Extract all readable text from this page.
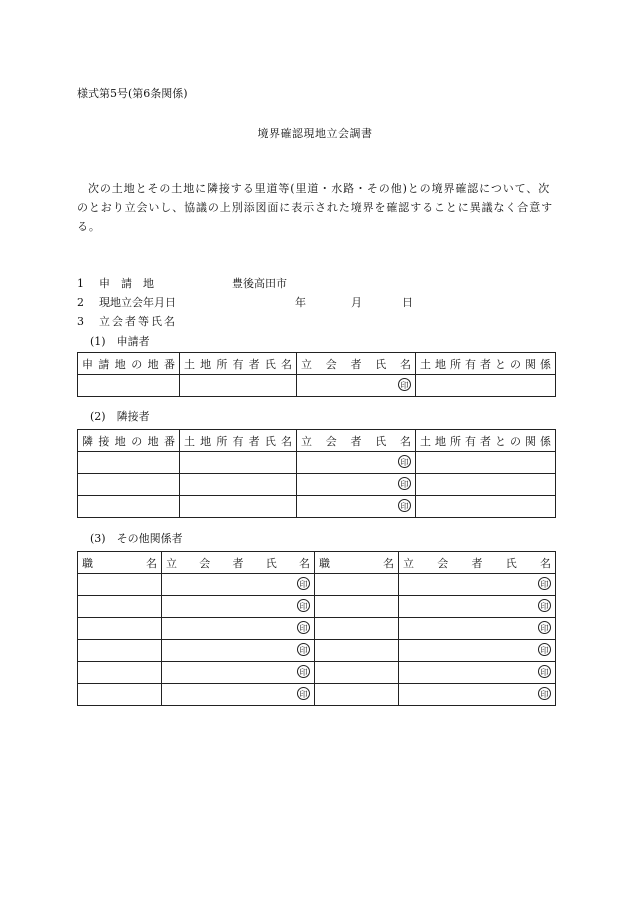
様式第5号(第6条関係)
境界確認現地立会調書
次の土地とその土地に隣接する里道等(里道・水路・その他)との境界確認について、次
のとおり立会いし、協議の上別添図面に表示された境界を確認することに異議なく合意す
る。
1 申　請　地	豊後高田市
2 現地立会年月日	年	月	日
3 立会者等氏名
(1)　申請者
申請地の地番	土地所有者氏名	立　会　者　氏　名	土地所有者との関係

		印	

(2)　隣接者
隣接地の地番	土地所有者氏名	立　会　者　氏　名	土地所有者との関係

		印	

		印	

		印	

(3)　その他関係者
職　　　名	立　会　者　氏　名	職　　　名	立　会　者　氏　名

	印		印

	印		印

	印		印

	印		印

	印		印

	印		印
